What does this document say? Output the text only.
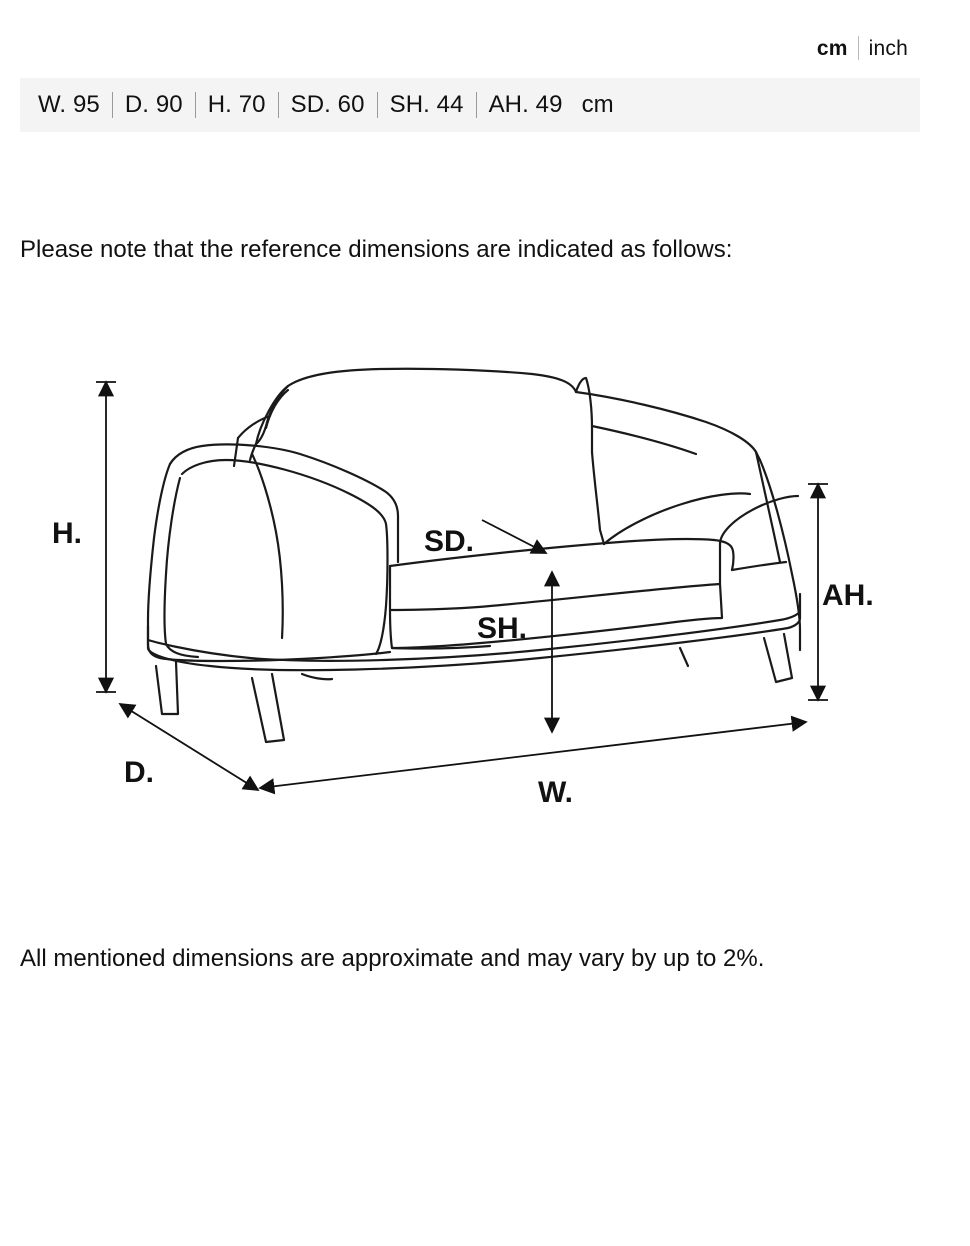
cm	inch
W. 95	D. 90	H. 70	SD. 60	SH. 44	AH. 49 cm

Please note that the reference dimensions are indicated as follows:

H.	SD.
SH.
AH.
D.
W.

All mentioned dimensions are approximate and may vary by up to 2%.
